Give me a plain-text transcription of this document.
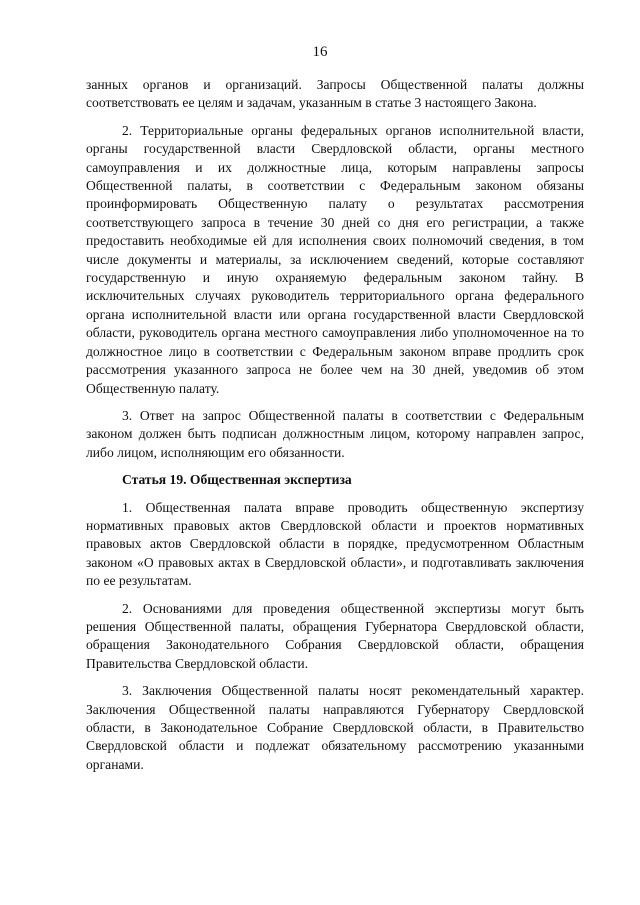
16

занных органов и организаций. Запросы Общественной палаты должны соответствовать ее целям и задачам, указанным в статье 3 настоящего Закона.

2. Территориальные органы федеральных органов исполнительной власти, органы государственной власти Свердловской области, органы местного самоуправления и их должностные лица, которым направлены запросы Общественной палаты, в соответствии с Федеральным законом обязаны проинформировать Общественную палату о результатах рассмотрения соответствующего запроса в течение 30 дней со дня его регистрации, а также предоставить необходимые ей для исполнения своих полномочий сведения, в том числе документы и материалы, за исключением сведений, которые составляют государственную и иную охраняемую федеральным законом тайну. В исключительных случаях руководитель территориального органа федерального органа исполнительной власти или органа государственной власти Свердловской области, руководитель органа местного самоуправления либо уполномоченное на то должностное лицо в соответствии с Федеральным законом вправе продлить срок рассмотрения указанного запроса не более чем на 30 дней, уведомив об этом Общественную палату.

3. Ответ на запрос Общественной палаты в соответствии с Федеральным законом должен быть подписан должностным лицом, которому направлен запрос, либо лицом, исполняющим его обязанности.

Статья 19. Общественная экспертиза

1. Общественная палата вправе проводить общественную экспертизу нормативных правовых актов Свердловской области и проектов нормативных правовых актов Свердловской области в порядке, предусмотренном Областным законом «О правовых актах в Свердловской области», и подготавливать заключения по ее результатам.

2. Основаниями для проведения общественной экспертизы могут быть решения Общественной палаты, обращения Губернатора Свердловской области, обращения Законодательного Собрания Свердловской области, обращения Правительства Свердловской области.

3. Заключения Общественной палаты носят рекомендательный характер. Заключения Общественной палаты направляются Губернатору Свердловской области, в Законодательное Собрание Свердловской области, в Правительство Свердловской области и подлежат обязательному рассмотрению указанными органами.
